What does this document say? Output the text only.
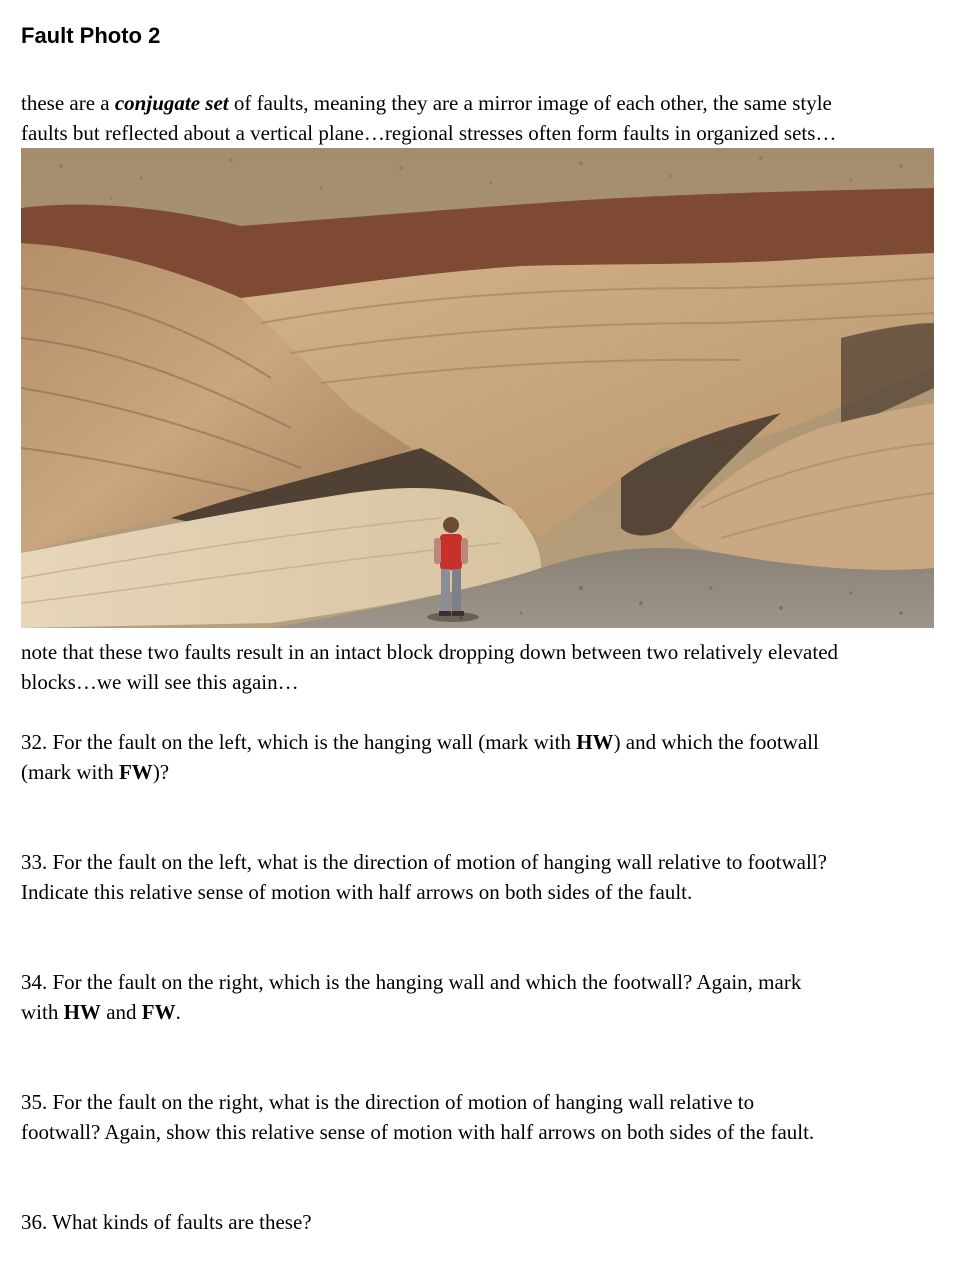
Fault Photo 2

these are a conjugate set of faults, meaning they are a mirror image of each other, the same style
faults but reflected about a vertical plane…regional stresses often form faults in organized sets…

note that these two faults result in an intact block dropping down between two relatively elevated
blocks…we will see this again…

32. For the fault on the left, which is the hanging wall (mark with HW) and which the footwall
(mark with FW)?

33. For the fault on the left, what is the direction of motion of hanging wall relative to footwall?
Indicate this relative sense of motion with half arrows on both sides of the fault.

34. For the fault on the right, which is the hanging wall and which the footwall? Again, mark
with HW and FW.

35. For the fault on the right, what is the direction of motion of hanging wall relative to
footwall? Again, show this relative sense of motion with half arrows on both sides of the fault.

36. What kinds of faults are these?
